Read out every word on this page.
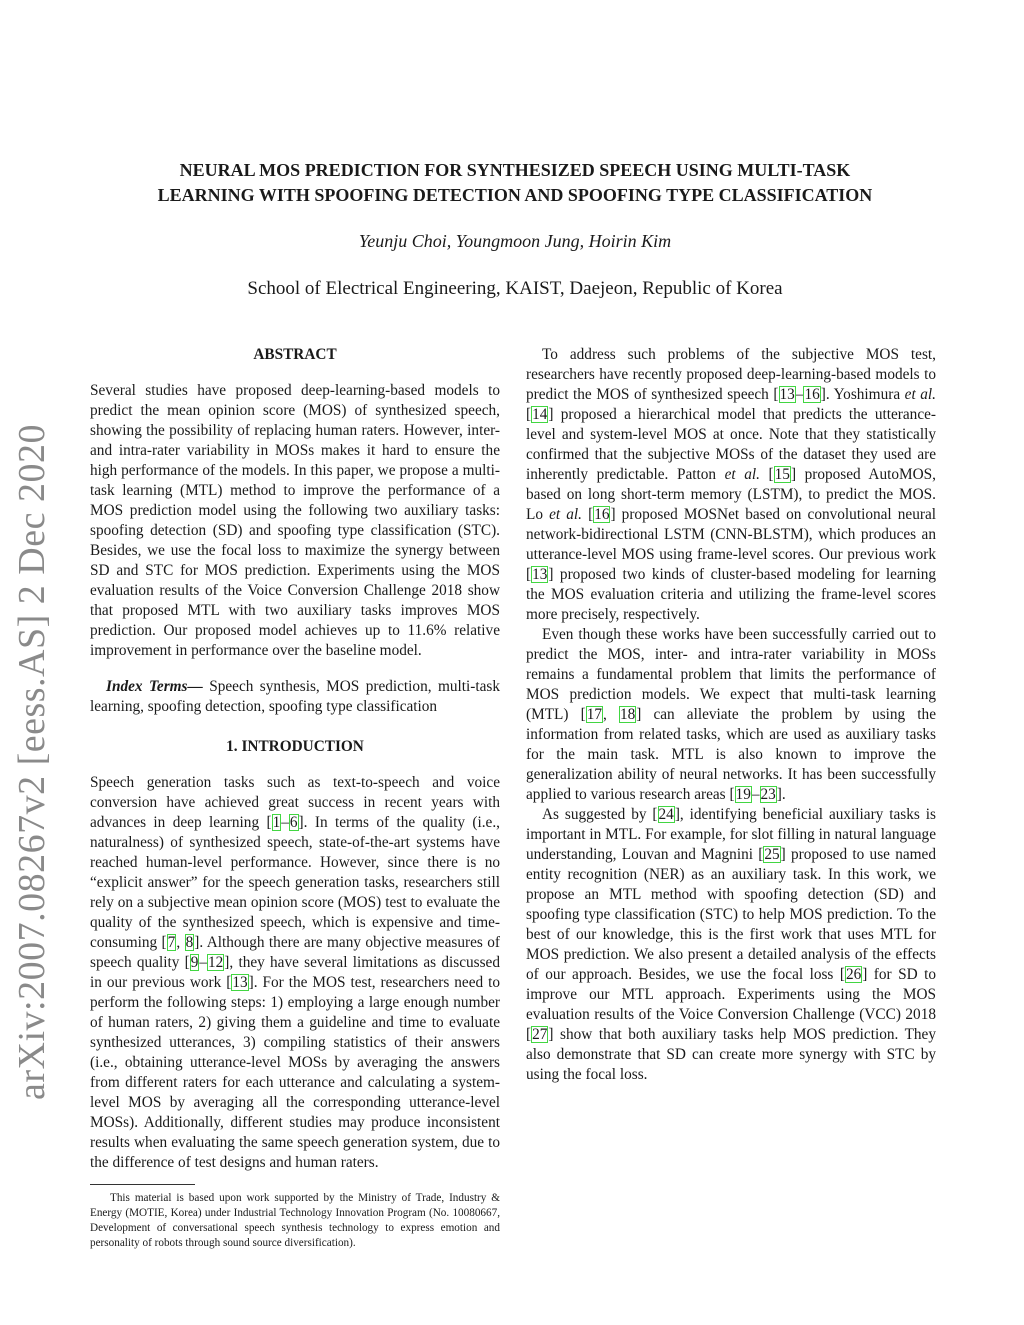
arXiv:2007.08267v2 [eess.AS] 2 Dec 2020
NEURAL MOS PREDICTION FOR SYNTHESIZED SPEECH USING MULTI-TASK
LEARNING WITH SPOOFING DETECTION AND SPOOFING TYPE CLASSIFICATION
Yeunju Choi, Youngmoon Jung, Hoirin Kim
School of Electrical Engineering, KAIST, Daejeon, Republic of Korea
ABSTRACT

Several studies have proposed deep-learning-based models to predict the mean opinion score (MOS) of synthesized speech, showing the possibility of replacing human raters. However, inter- and intra-rater variability in MOSs makes it hard to ensure the high performance of the models. In this paper, we propose a multi-task learning (MTL) method to improve the performance of a MOS prediction model using the following two auxiliary tasks: spoofing detection (SD) and spoofing type classification (STC). Besides, we use the focal loss to maximize the synergy between SD and STC for MOS prediction. Experiments using the MOS evaluation results of the Voice Conversion Challenge 2018 show that proposed MTL with two auxiliary tasks improves MOS prediction. Our proposed model achieves up to 11.6% relative improvement in performance over the baseline model.

Index Terms— Speech synthesis, MOS prediction, multi-task learning, spoofing detection, spoofing type classification

1. INTRODUCTION

Speech generation tasks such as text-to-speech and voice conversion have achieved great success in recent years with advances in deep learning [1–6]. In terms of the quality (i.e., naturalness) of synthesized speech, state-of-the-art systems have reached human-level performance. However, since there is no “explicit answer” for the speech generation tasks, researchers still rely on a subjective mean opinion score (MOS) test to evaluate the quality of the synthesized speech, which is expensive and time-consuming [7, 8]. Although there are many objective measures of speech quality [9–12], they have several limitations as discussed in our previous work [13]. For the MOS test, researchers need to perform the following steps: 1) employing a large enough number of human raters, 2) giving them a guideline and time to evaluate synthesized utterances, 3) compiling statistics of their answers (i.e., obtaining utterance-level MOSs by averaging the answers from different raters for each utterance and calculating a system-level MOS by averaging all the corresponding utterance-level MOSs). Additionally, different studies may produce inconsistent results when evaluating the same speech generation system, due to the difference of test designs and human raters.

This material is based upon work supported by the Ministry of Trade, Industry & Energy (MOTIE, Korea) under Industrial Technology Innovation Program (No. 10080667, Development of conversational speech synthesis technology to express emotion and personality of robots through sound source diversification).

To address such problems of the subjective MOS test, researchers have recently proposed deep-learning-based models to predict the MOS of synthesized speech [13–16]. Yoshimura et al. [14] proposed a hierarchical model that predicts the utterance-level and system-level MOS at once. Note that they statistically confirmed that the subjective MOSs of the dataset they used are inherently predictable. Patton et al. [15] proposed AutoMOS, based on long short-term memory (LSTM), to predict the MOS. Lo et al. [16] proposed MOSNet based on convolutional neural network-bidirectional LSTM (CNN-BLSTM), which produces an utterance-level MOS using frame-level scores. Our previous work [13] proposed two kinds of cluster-based modeling for learning the MOS evaluation criteria and utilizing the frame-level scores more precisely, respectively.

Even though these works have been successfully carried out to predict the MOS, inter- and intra-rater variability in MOSs remains a fundamental problem that limits the performance of MOS prediction models. We expect that multi-task learning (MTL) [17, 18] can alleviate the problem by using the information from related tasks, which are used as auxiliary tasks for the main task. MTL is also known to improve the generalization ability of neural networks. It has been successfully applied to various research areas [19–23].

As suggested by [24], identifying beneficial auxiliary tasks is important in MTL. For example, for slot filling in natural language understanding, Louvan and Magnini [25] proposed to use named entity recognition (NER) as an auxiliary task. In this work, we propose an MTL method with spoofing detection (SD) and spoofing type classification (STC) to help MOS prediction. To the best of our knowledge, this is the first work that uses MTL for MOS prediction. We also present a detailed analysis of the effects of our approach. Besides, we use the focal loss [26] for SD to improve our MTL approach. Experiments using the MOS evaluation results of the Voice Conversion Challenge (VCC) 2018 [27] show that both auxiliary tasks help MOS prediction. They also demonstrate that SD can create more synergy with STC by using the focal loss.
